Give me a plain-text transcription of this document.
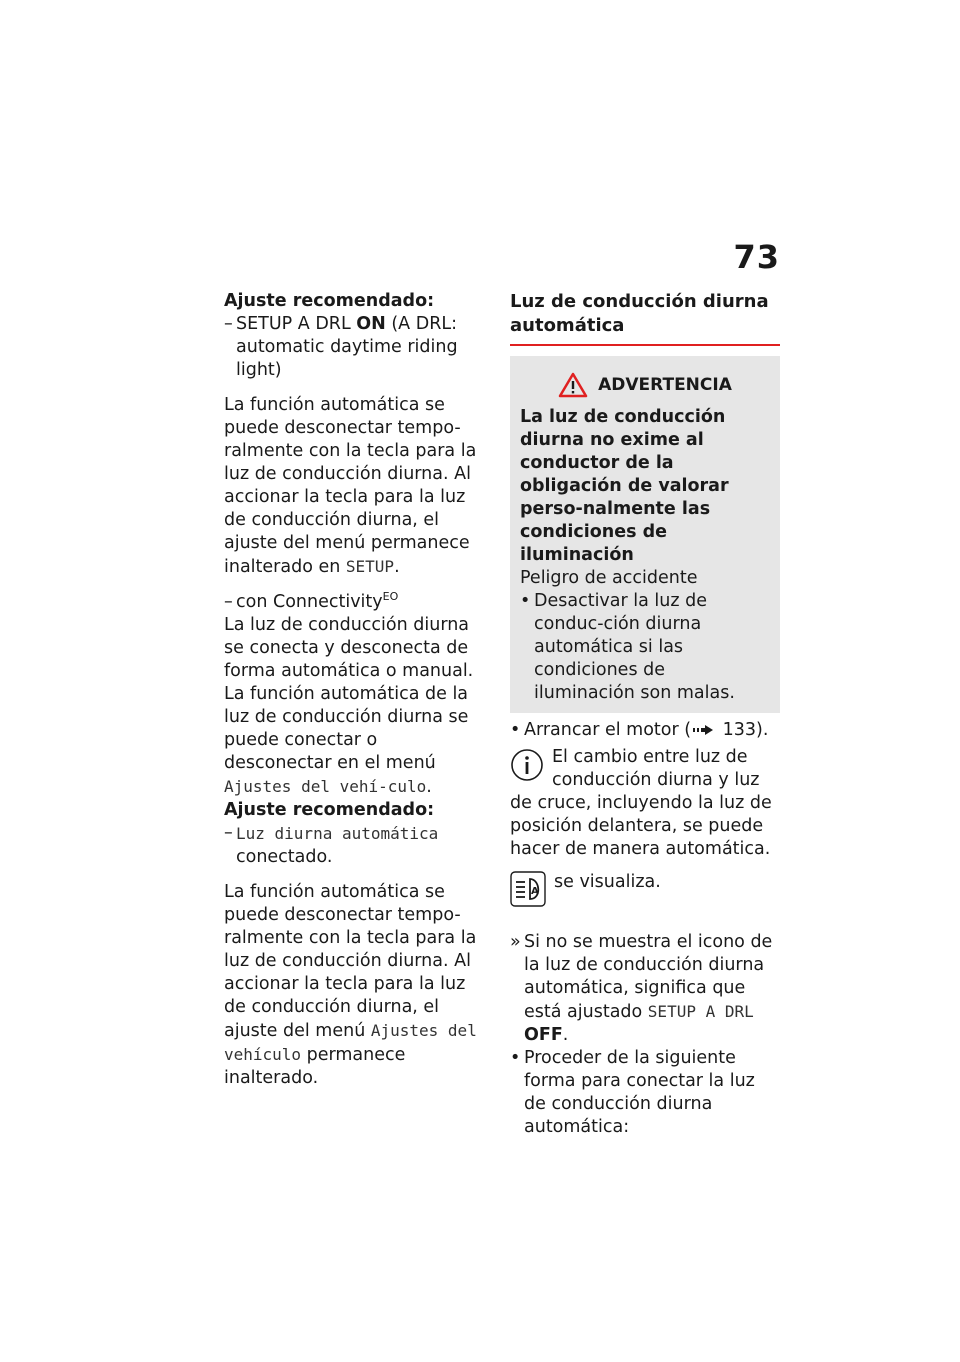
73

Ajuste recomendado:

– SETUP A DRL ON (A DRL: automatic daytime riding light)

La función automática se puede desconectar tempo-ralmente con la tecla para la luz de conducción diurna. Al accionar la tecla para la luz de conducción diurna, el ajuste del menú permanece inalterado en SETUP.

– con Connectivity$^{EO}$

La luz de conducción diurna se conecta y desconecta de forma automática o manual.

La función automática de la luz de conducción diurna se puede conectar o desconectar en el menú Ajustes del vehí-culo.

Ajuste recomendado:

– Luz diurna automática
conectado.

La función automática se puede desconectar tempo-ralmente con la tecla para la luz de conducción diurna. Al accionar la tecla para la luz de conducción diurna, el ajuste del menú Ajustes del vehículo permanece inalterado.

Luz de conducción diurna automática

ADVERTENCIA

La luz de conducción diurna no exime al conductor de la obligación de valorar perso-nalmente las condiciones de iluminación

Peligro de accidente

• Desactivar la luz de conduc-ción diurna automática si las condiciones de iluminación son malas.
• Arrancar el motor ( 133).

El cambio entre luz de conducción diurna y luz de cruce, incluyendo la luz de posición delantera, se puede hacer de manera automática.

A se visualiza.

» Si no se muestra el icono de la luz de conducción diurna automática, significa que está ajustado SETUP A DRL OFF.
• Proceder de la siguiente forma para conectar la luz de conducción diurna automática:
